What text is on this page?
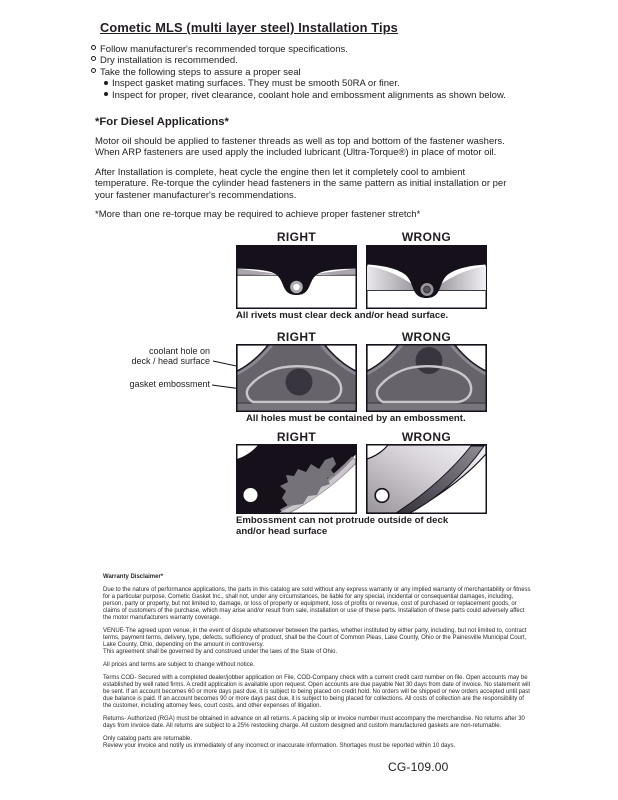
Cometic MLS (multi layer steel) Installation Tips
Follow manufacturer's recommended torque specifications.
Dry installation is recommended.
Take the following steps to assure a proper seal
Inspect gasket mating surfaces. They must be smooth 50RA or finer.
Inspect for proper, rivet clearance, coolant hole and embossment alignments as shown below.
*For Diesel Applications*
Motor oil should be applied to fastener threads as well as top and bottom of the fastener washers. When ARP fasteners are used apply the included lubricant (Ultra-Torque®) in place of motor oil.
After Installation is complete, heat cycle the engine then let it completely cool to ambient temperature. Re-torque the cylinder head fasteners in the same pattern as initial installation or per your fastener manufacturer's recommendations.
*More than one re-torque may be required to achieve proper fastener stretch*
RIGHT	WRONG
All rivets must clear deck and/or head surface.
RIGHT	WRONG
coolant hole on
deck / head surface
gasket embossment
All holes must be contained by an embossment.
RIGHT	WRONG
Embossment can not protrude outside of deck
and/or head surface

Warranty Disclaimer*

Due to the nature of performance applications, the parts in this catalog are sold without any express warranty or any implied warranty of merchantability or fitness for a particular purpose. Cometic Gasket Inc., shall not, under any circumstances, be liable for any special, incidental or consequential damages, including, person, party or property, but not limited to, damage, or loss of property or equipment, loss of profits or revenue, cost of purchased or replacement goods, or claims of customers of the purchase, which may arise and/or result from sale, installation or use of these parts. Installation of these parts could adversely affect the motor manufacturers warranty coverage.

VENUE-The agreed upon venue, in the event of dispute whatsoever between the parties, whether instituted by either party, including, but not limited to, contract terms, payment terms, delivery, type, defects, sufficiency of product, shall be the Court of Common Pleas, Lake County, Ohio or the Painesville Municipal Court, Lake County, Ohio, depending on the amount in controversy.
This agreement shall be governed by and construed under the laws of the State of Ohio.

All prices and terms are subject to change without notice.

Terms COD- Secured with a completed dealer/jobber application on File, COD-Company check with a current credit card number on file. Open accounts may be established by well rated firms. A credit application is available upon request. Open accounts are due payable Net 30 days from date of invoice. No statement will be sent. If an account becomes 60 or more days past due, it is subject to being placed on credit hold. No orders will be shipped or new orders accepted until past due balance is paid. If an account becomes 90 or more days past due, it is subject to being placed for collections. All costs of collection are the responsibility of the customer, including attorney fees, court costs, and other expenses of litigation.

Returns- Authorized (RGA) must be obtained in advance on all returns. A packing slip or invoice number must accompany the merchandise. No returns after 30 days from invoice date. All returns are subject to a 25% restocking charge. All custom designed and custom manufactured gaskets are non-returnable.

Only catalog parts are returnable.
Review your invoice and notify us immediately of any incorrect or inaccurate information. Shortages must be reported within 10 days.

CG-109.00
